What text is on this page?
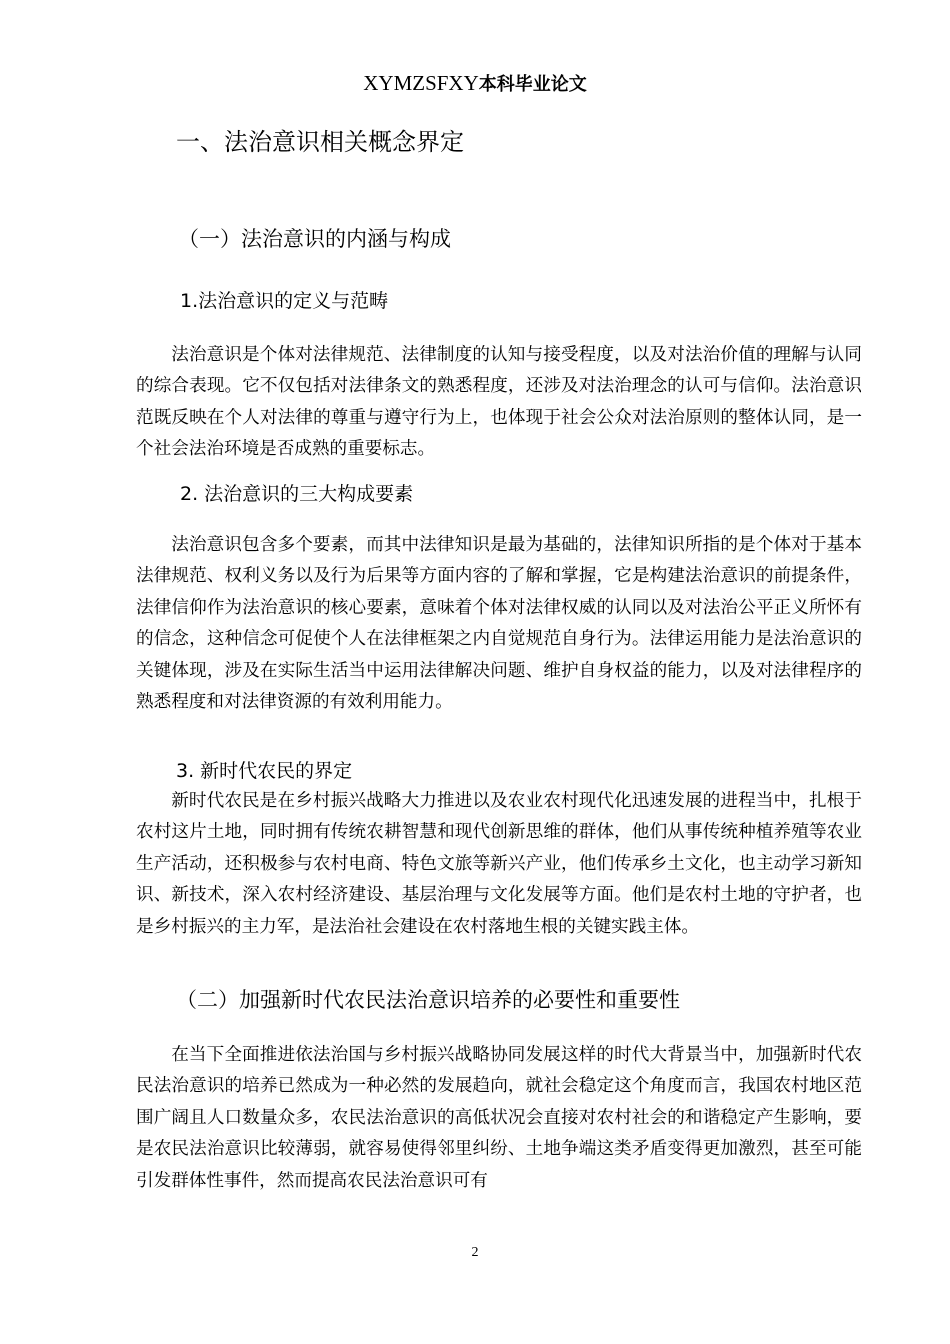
XYMZSFXY本科毕业论文
一、法治意识相关概念界定
（一）法治意识的内涵与构成
1.法治意识的定义与范畴

法治意识是个体对法律规范、法律制度的认知与接受程度，以及对法治价值的理解与认同的综合表现。它不仅包括对法律条文的熟悉程度，还涉及对法治理念的认可与信仰。法治意识范既反映在个人对法律的尊重与遵守行为上，也体现于社会公众对法治原则的整体认同，是一个社会法治环境是否成熟的重要标志。

2. 法治意识的三大构成要素

法治意识包含多个要素，而其中法律知识是最为基础的，法律知识所指的是个体对于基本法律规范、权利义务以及行为后果等方面内容的了解和掌握，它是构建法治意识的前提条件，法律信仰作为法治意识的核心要素，意味着个体对法律权威的认同以及对法治公平正义所怀有的信念，这种信念可促使个人在法律框架之内自觉规范自身行为。法律运用能力是法治意识的关键体现，涉及在实际生活当中运用法律解决问题、维护自身权益的能力，以及对法律程序的熟悉程度和对法律资源的有效利用能力。

3. 新时代农民的界定

新时代农民是在乡村振兴战略大力推进以及农业农村现代化迅速发展的进程当中，扎根于农村这片土地，同时拥有传统农耕智慧和现代创新思维的群体，他们从事传统种植养殖等农业生产活动，还积极参与农村电商、特色文旅等新兴产业，他们传承乡土文化，也主动学习新知识、新技术，深入农村经济建设、基层治理与文化发展等方面。他们是农村土地的守护者，也是乡村振兴的主力军，是法治社会建设在农村落地生根的关键实践主体。

（二）加强新时代农民法治意识培养的必要性和重要性

在当下全面推进依法治国与乡村振兴战略协同发展这样的时代大背景当中，加强新时代农民法治意识的培养已然成为一种必然的发展趋向，就社会稳定这个角度而言，我国农村地区范围广阔且人口数量众多，农民法治意识的高低状况会直接对农村社会的和谐稳定产生影响，要是农民法治意识比较薄弱，就容易使得邻里纠纷、土地争端这类矛盾变得更加激烈，甚至可能引发群体性事件，然而提高农民法治意识可有

2
